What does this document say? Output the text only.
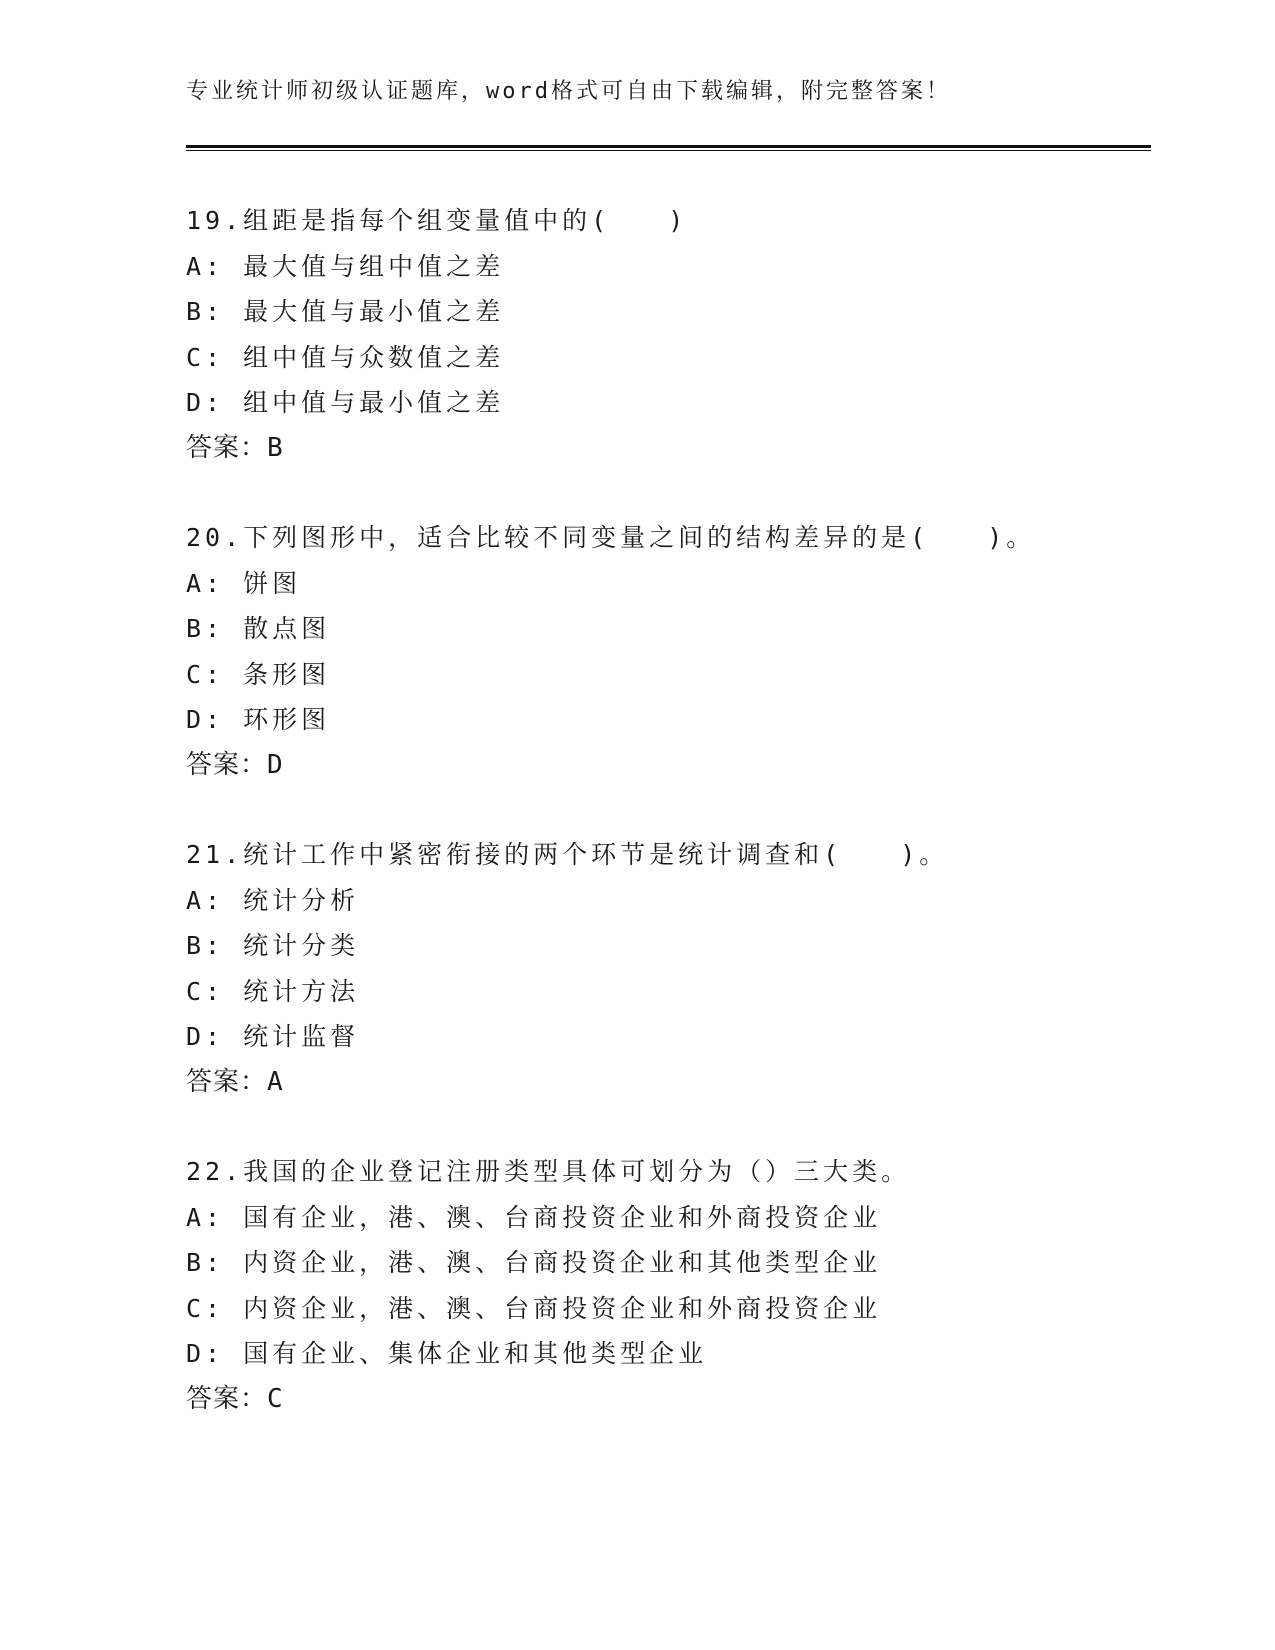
专业统计师初级认证题库，word格式可自由下载编辑，附完整答案！
19.组距是指每个组变量值中的(　　)
A: 最大值与组中值之差
B: 最大值与最小值之差
C: 组中值与众数值之差
D: 组中值与最小值之差
答案：B
20.下列图形中，适合比较不同变量之间的结构差异的是(　　)。
A: 饼图
B: 散点图
C: 条形图
D: 环形图
答案：D
21.统计工作中紧密衔接的两个环节是统计调查和(　　)。
A: 统计分析
B: 统计分类
C: 统计方法
D: 统计监督
答案：A
22.我国的企业登记注册类型具体可划分为（）三大类。
A: 国有企业，港、澳、台商投资企业和外商投资企业
B: 内资企业，港、澳、台商投资企业和其他类型企业
C: 内资企业，港、澳、台商投资企业和外商投资企业
D: 国有企业、集体企业和其他类型企业
答案：C
